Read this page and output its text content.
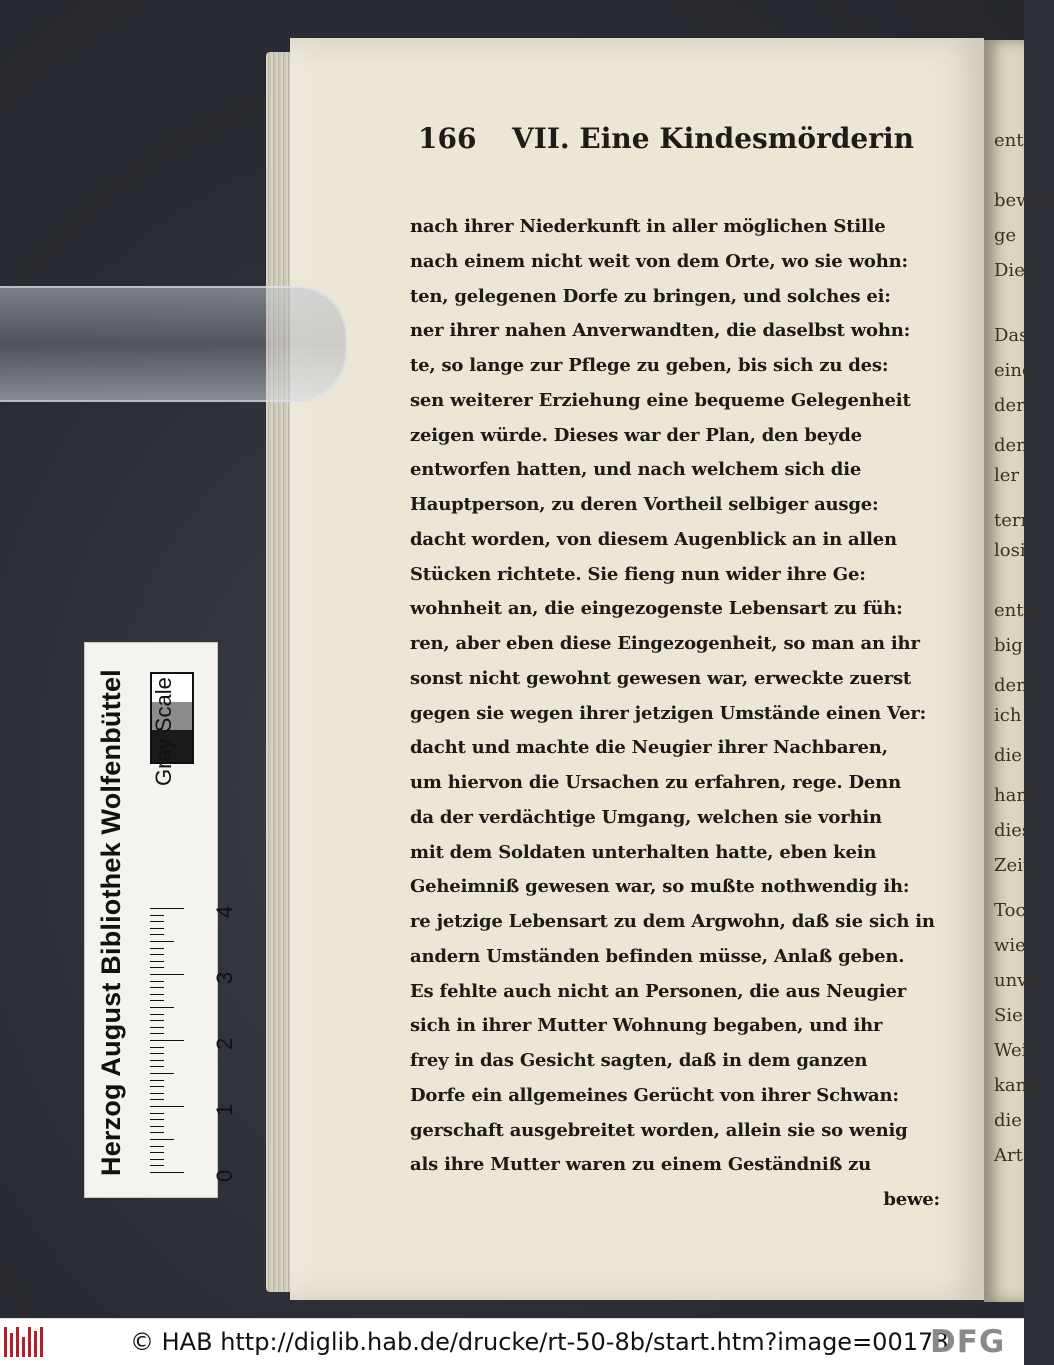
ent
bewog
ge
Dies
Das
eine
der
den
ler
terr
losi
entw
big
dem
ich
die
ham
dies
Zeit
Toc
wie
unve
Sie
Wei
kann
die
Art
166 VII. Eine Kindesmörderin
nach ihrer Niederkunft in aller möglichen Stille
nach einem nicht weit von dem Orte, wo sie wohn:
ten, gelegenen Dorfe zu bringen, und solches ei:
ner ihrer nahen Anverwandten, die daselbst wohn:
te, so lange zur Pflege zu geben, bis sich zu des:
sen weiterer Erziehung eine bequeme Gelegenheit
zeigen würde. Dieses war der Plan, den beyde
entworfen hatten, und nach welchem sich die
Hauptperson, zu deren Vortheil selbiger ausge:
dacht worden, von diesem Augenblick an in allen
Stücken richtete. Sie fieng nun wider ihre Ge:
wohnheit an, die eingezogenste Lebensart zu füh:
ren, aber eben diese Eingezogenheit, so man an ihr
sonst nicht gewohnt gewesen war, erweckte zuerst
gegen sie wegen ihrer jetzigen Umstände einen Ver:
dacht und machte die Neugier ihrer Nachbaren,
um hiervon die Ursachen zu erfahren, rege. Denn
da der verdächtige Umgang, welchen sie vorhin
mit dem Soldaten unterhalten hatte, eben kein
Geheimniß gewesen war, so mußte nothwendig ih:
re jetzige Lebensart zu dem Argwohn, daß sie sich in
andern Umständen befinden müsse, Anlaß geben.
Es fehlte auch nicht an Personen, die aus Neugier
sich in ihrer Mutter Wohnung begaben, und ihr
frey in das Gesicht sagten, daß in dem ganzen
Dorfe ein allgemeines Gerücht von ihrer Schwan:
gerschaft ausgebreitet worden, allein sie so wenig
als ihre Mutter waren zu einem Geständniß zu
bewe:
Herzog August Bibliothek Wolfenbüttel	Gray Scale
© HAB http://diglib.hab.de/drucke/rt-50-8b/start.htm?image=00178
DFG
0
1
2
3
4
